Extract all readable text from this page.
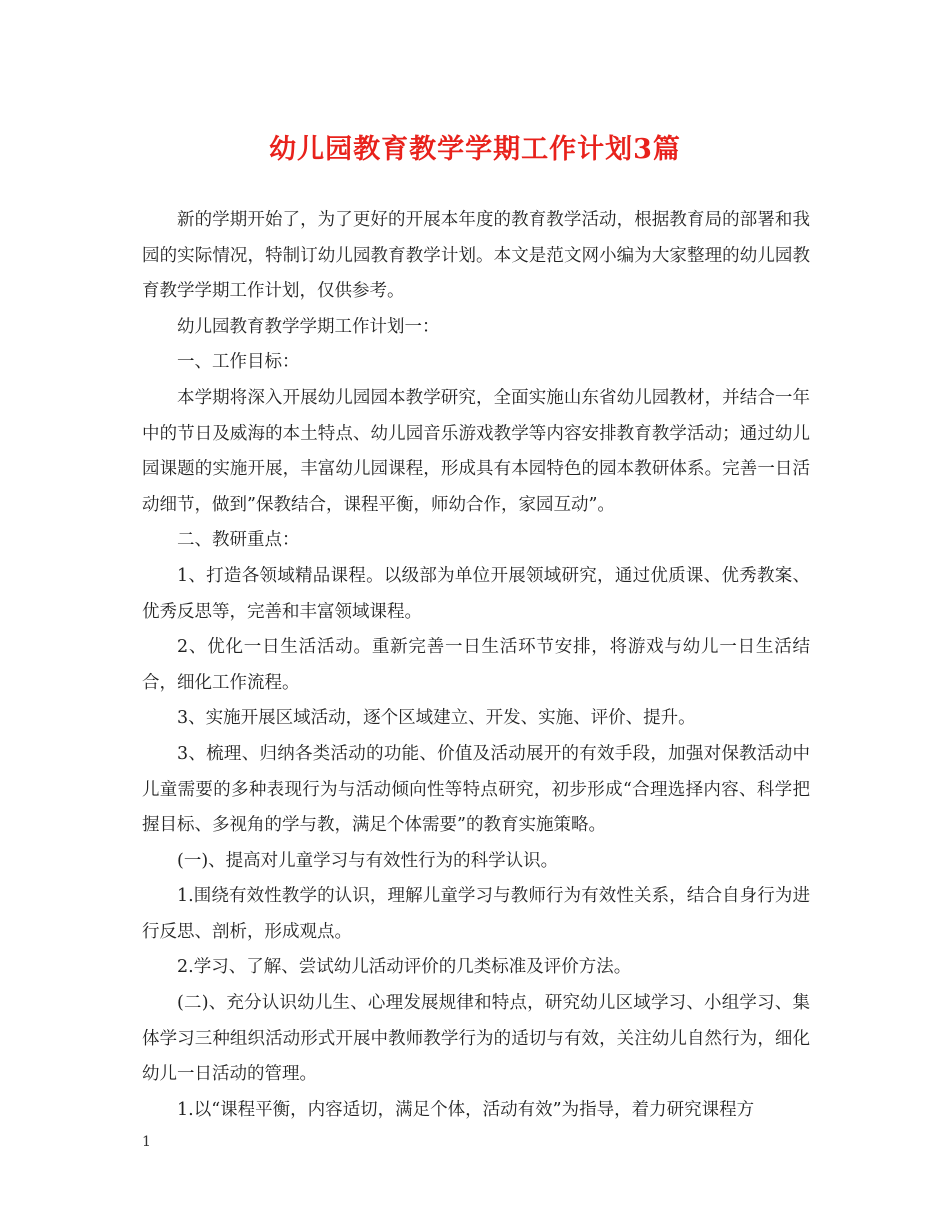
幼儿园教育教学学期工作计划3篇

新的学期开始了，为了更好的开展本年度的教育教学活动，根据教育局的部署和我园的实际情况，特制订幼儿园教育教学计划。本文是范文网小编为大家整理的幼儿园教育教学学期工作计划，仅供参考。

幼儿园教育教学学期工作计划一：

一、工作目标：

本学期将深入开展幼儿园园本教学研究，全面实施山东省幼儿园教材，并结合一年中的节日及威海的本土特点、幼儿园音乐游戏教学等内容安排教育教学活动；通过幼儿园课题的实施开展，丰富幼儿园课程，形成具有本园特色的园本教研体系。完善一日活动细节，做到”保教结合，课程平衡，师幼合作，家园互动”。

二、教研重点：

1、打造各领域精品课程。以级部为单位开展领域研究，通过优质课、优秀教案、优秀反思等，完善和丰富领域课程。

2、优化一日生活活动。重新完善一日生活环节安排，将游戏与幼儿一日生活结合，细化工作流程。

3、实施开展区域活动，逐个区域建立、开发、实施、评价、提升。

3、梳理、归纳各类活动的功能、价值及活动展开的有效手段，加强对保教活动中儿童需要的多种表现行为与活动倾向性等特点研究，初步形成“合理选择内容、科学把握目标、多视角的学与教，满足个体需要”的教育实施策略。

(一)、提高对儿童学习与有效性行为的科学认识。

1.围绕有效性教学的认识，理解儿童学习与教师行为有效性关系，结合自身行为进行反思、剖析，形成观点。

2.学习、了解、尝试幼儿活动评价的几类标准及评价方法。

(二)、充分认识幼儿生、心理发展规律和特点，研究幼儿区域学习、小组学习、集体学习三种组织活动形式开展中教师教学行为的适切与有效，关注幼儿自然行为，细化幼儿一日活动的管理。

1.以“课程平衡，内容适切，满足个体，活动有效”为指导，着力研究课程方

1
